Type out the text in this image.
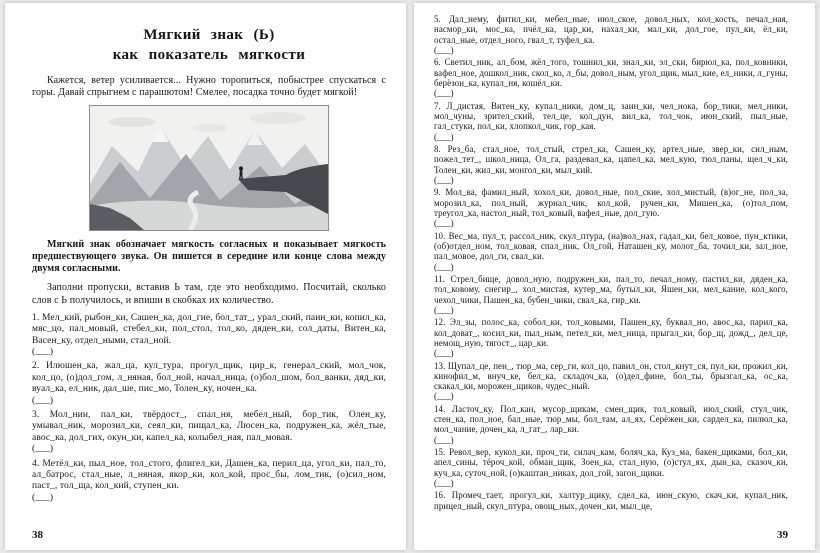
Мягкий знак (Ь)
как показатель мягкости

Кажется, ветер усиливается... Нужно торопиться, побыстрее спускаться с горы. Давай спрыгнем с парашютом! Смелее, посадка точно будет мягкой!

Мягкий знак обозначает мягкость согласных и показывает мягкость предшествующего звука. Он пишется в середине или конце слова между двумя согласными.

Заполни пропуски, вставив Ь там, где это необходимо. Посчитай, сколько слов с Ь получилось, и впиши в скобках их количество.

1. Мел_кий, рыбон_ки, Сашен_ка, дол_гие, бол_тат_, урал_ский, паин_ки, копил_ка, мяс_цо, пал_мовый, стебел_ки, пол_стол, тол_ко, дяден_ки, сол_даты, Витен_ка, Васен_ку, отдел_ными, стал_ной.

(___)

2. Илюшен_ка, жал_ца, кул_тура, прогул_щик, цир_к, генерал_ский, мол_чок, кол_цо, (о)дол_гом, л_няная, бол_ной, начал_ница, (о)бол_шом, бол_ванки, дяд_ки, вуал_ка, ел_ник, дал_ше, пис_мо, Толен_ку, ночен_ка.

(___)

3. Мол_нии, пал_ки, твёрдост_, спал_ня, мебел_ный, бор_тик, Олен_ку, умывал_ник, морозил_ки, сеял_ки, пищал_ка, Люсен_ка, подружен_ка, жёл_тые, авос_ка, дол_гих, окун_ки, капел_ка, колыбел_ная, пал_мовая.

(___)

4. Метёл_ки, пыл_ное, тол_стого, флигел_ки, Дашен_ка, перил_ца, угол_ки, пал_то, ал_батрос, стал_ные, л_няная, якор_ки, кол_кой, прос_бы, лом_тик, (о)сил_ном, паст_, тол_ща, кол_кий, ступен_ки.

(___)

38

5. Дал_нему, фитил_ки, мебел_ные, июл_ское, довол_ных, кол_кость, печал_ная, насмор_ки, мос_ка, пчёл_ка, цар_ки, нахал_ки, мал_ки, дол_гое, пул_ки, ёл_ки, остал_ные, отдел_ного, гвал_т, туфел_ка.

(___)

6. Светил_ник, ал_бом, жёл_того, тошнил_ки, знал_ки, эл_ски, бирюл_ка, пол_ковники, вафел_ное, дошкол_ник, скол_ко, л_бы, довол_ным, угол_щик, мыл_кие, ел_ники, л_гуны, берёзон_ка, купал_ня, кошёл_ки.

(___)

7. Л_дистая, Витен_ку, купал_ники, дом_ц, заин_ки, чел_нока, бор_тики, мел_ники, мол_чуны, зрител_ский, тел_це, кол_дун, вил_ка, тол_чок, июн_ский, пыл_ные, гал_стуки, пол_ки, хлопкол_чик, гор_кая.

(___)

8. Рез_ба, стал_ное, тол_стый, стрел_ка, Сашен_ку, артел_ные, звер_ки, сил_ным, пожел_тет_, школ_ница, Ол_га, раздевал_ка, цапел_ка, мел_кую, тюл_паны, щел_ч_ки, Толен_ки, жил_ки, монгол_ки, мыл_кий.

(___)

9. Мол_ва, фамил_ный, хохол_ки, довол_ные, пол_ские, хол_мистый, (в)ог_не, пол_за, морозил_ка, пол_ный, журнал_чик, кол_кой, ручен_ки, Мишен_ка, (о)тол_пом, треугол_ка, настол_ный, тол_ковый, вафел_ные, дол_гую.

(___)

10. Вес_ма, пул_т, рассол_ник, скул_птура, (на)вол_нах, гадал_ки, бел_ковое, пун_ктики, (об)отдел_ном, тол_ковая, спал_ник, Ол_гой, Наташен_ку, молот_ба, точил_ки, зал_ное, пал_мовое, дол_ги, свал_ки.

(___)

11. Стрел_бище, довол_ную, подружен_ки, пал_то, печал_ному, пастил_ки, дяден_ка, тол_ковому, снегир_, хол_мистая, кутер_ма, бутыл_ки, Яшен_ки, мел_кание, кол_кого, чехол_чики, Пашен_ка, бубен_чики, свал_ка, гир_ки.

(___)

12. Эл_зы, полос_ка, собол_ки, тол_ковыми, Пашен_ку, буквал_но, авос_ка, парил_ка, кол_доват_, косил_ки, пыл_ным, петел_ки, мел_ница, прыгал_ки, бор_щ, дожд_, дел_це, немощ_ную, тягост_, цар_ки.

(___)

13. Щупал_це, пен_, тюр_ма, сер_ги, кол_цо, павил_он, стол_кнут_ся, пул_ки, прожил_ки, кинофил_м, внуч_ке, бел_ка, складоч_ка, (о)дел_фине, бол_ты, брызгал_ка, ос_ка, скакал_ки, морожен_щиков, чудес_ный.

(___)

14. Ласточ_ку, Пол_кан, мусор_щикам, смен_щик, тол_ковый, июл_ский, стул_чик, стен_ка, пол_ное, бал_ные, тюр_мы, бол_там, ал_ях, Серёжен_ки, сардел_ка, пилюл_ка, мол_чание, дочен_ка, л_гат_, лар_ки.

(___)

15. Револ_вер, кукол_ки, проч_ти, силач_кам, боляч_ка, Куз_ма, бакен_щиками, бол_ки, апел_сины, тёроч_кой, обман_щик, Зоен_ка, стал_ную, (о)стул_ях, дын_ка, сказоч_ки, куч_ка, суточ_ной, (о)каштан_никах, дол_гой, загон_щики.

(___)

16. Промеч_тает, прогул_ки, халтур_щику, сдел_ка, июн_скую, скач_ки, купал_ник, прицел_ный, скул_птура, овощ_ных, дочен_ки, мыл_це,

39
